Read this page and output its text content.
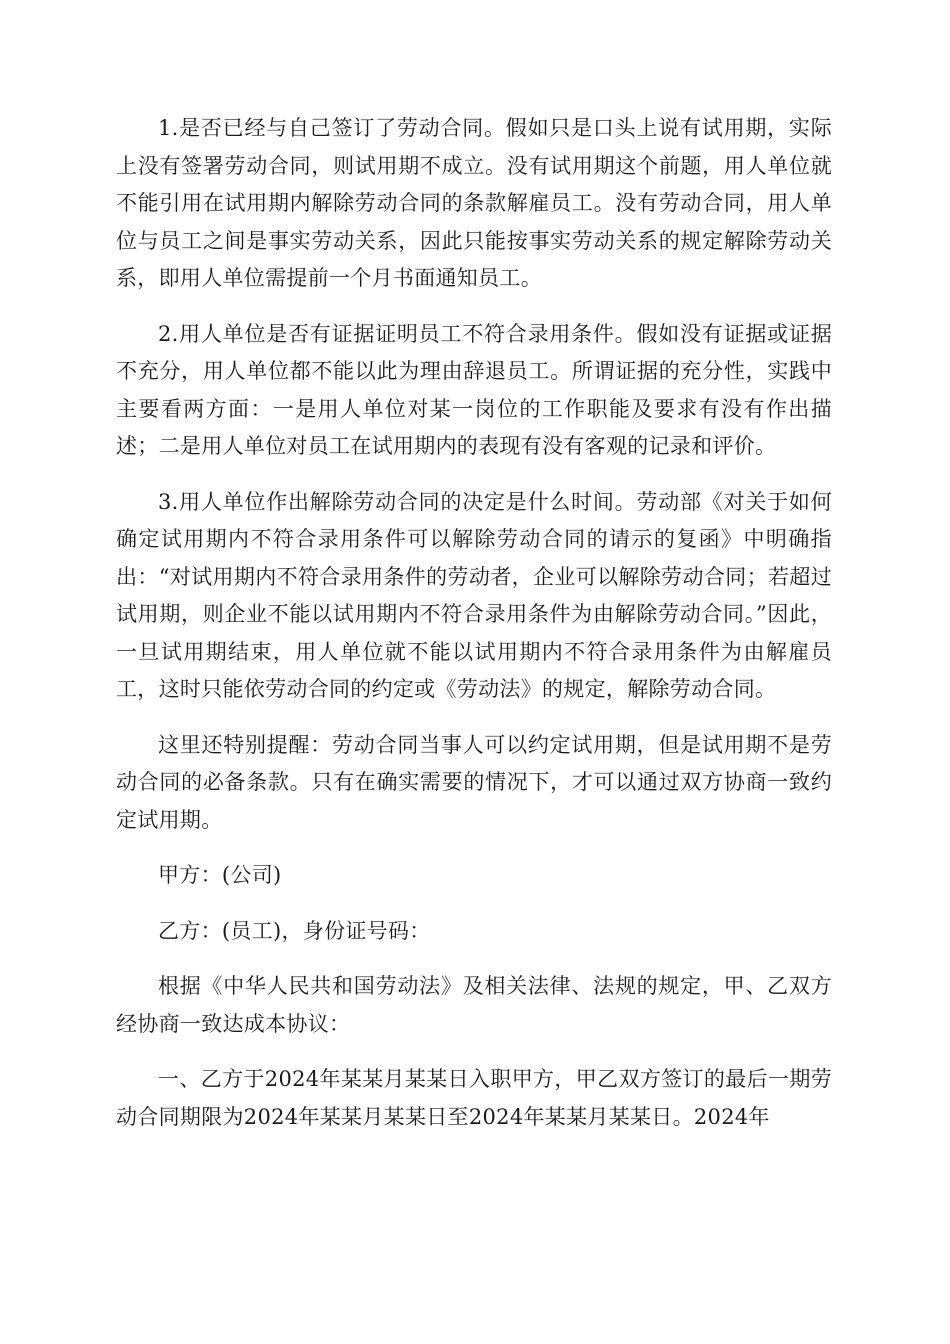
1.是否已经与自己签订了劳动合同。假如只是口头上说有试用期，实际上没有签署劳动合同，则试用期不成立。没有试用期这个前题，用人单位就不能引用在试用期内解除劳动合同的条款解雇员工。没有劳动合同，用人单位与员工之间是事实劳动关系，因此只能按事实劳动关系的规定解除劳动关系，即用人单位需提前一个月书面通知员工。

2.用人单位是否有证据证明员工不符合录用条件。假如没有证据或证据不充分，用人单位都不能以此为理由辞退员工。所谓证据的充分性，实践中主要看两方面：一是用人单位对某一岗位的工作职能及要求有没有作出描述；二是用人单位对员工在试用期内的表现有没有客观的记录和评价。

3.用人单位作出解除劳动合同的决定是什么时间。劳动部《对关于如何确定试用期内不符合录用条件可以解除劳动合同的请示的复函》中明确指出：“对试用期内不符合录用条件的劳动者，企业可以解除劳动合同；若超过试用期，则企业不能以试用期内不符合录用条件为由解除劳动合同。”因此，一旦试用期结束，用人单位就不能以试用期内不符合录用条件为由解雇员工，这时只能依劳动合同的约定或《劳动法》的规定，解除劳动合同。

这里还特别提醒：劳动合同当事人可以约定试用期，但是试用期不是劳动合同的必备条款。只有在确实需要的情况下，才可以通过双方协商一致约定试用期。

甲方：(公司)

乙方：(员工)，身份证号码：

根据《中华人民共和国劳动法》及相关法律、法规的规定，甲、乙双方经协商一致达成本协议：

一、乙方于2024年某某月某某日入职甲方，甲乙双方签订的最后一期劳动合同期限为2024年某某月某某日至2024年某某月某某日。2024年
